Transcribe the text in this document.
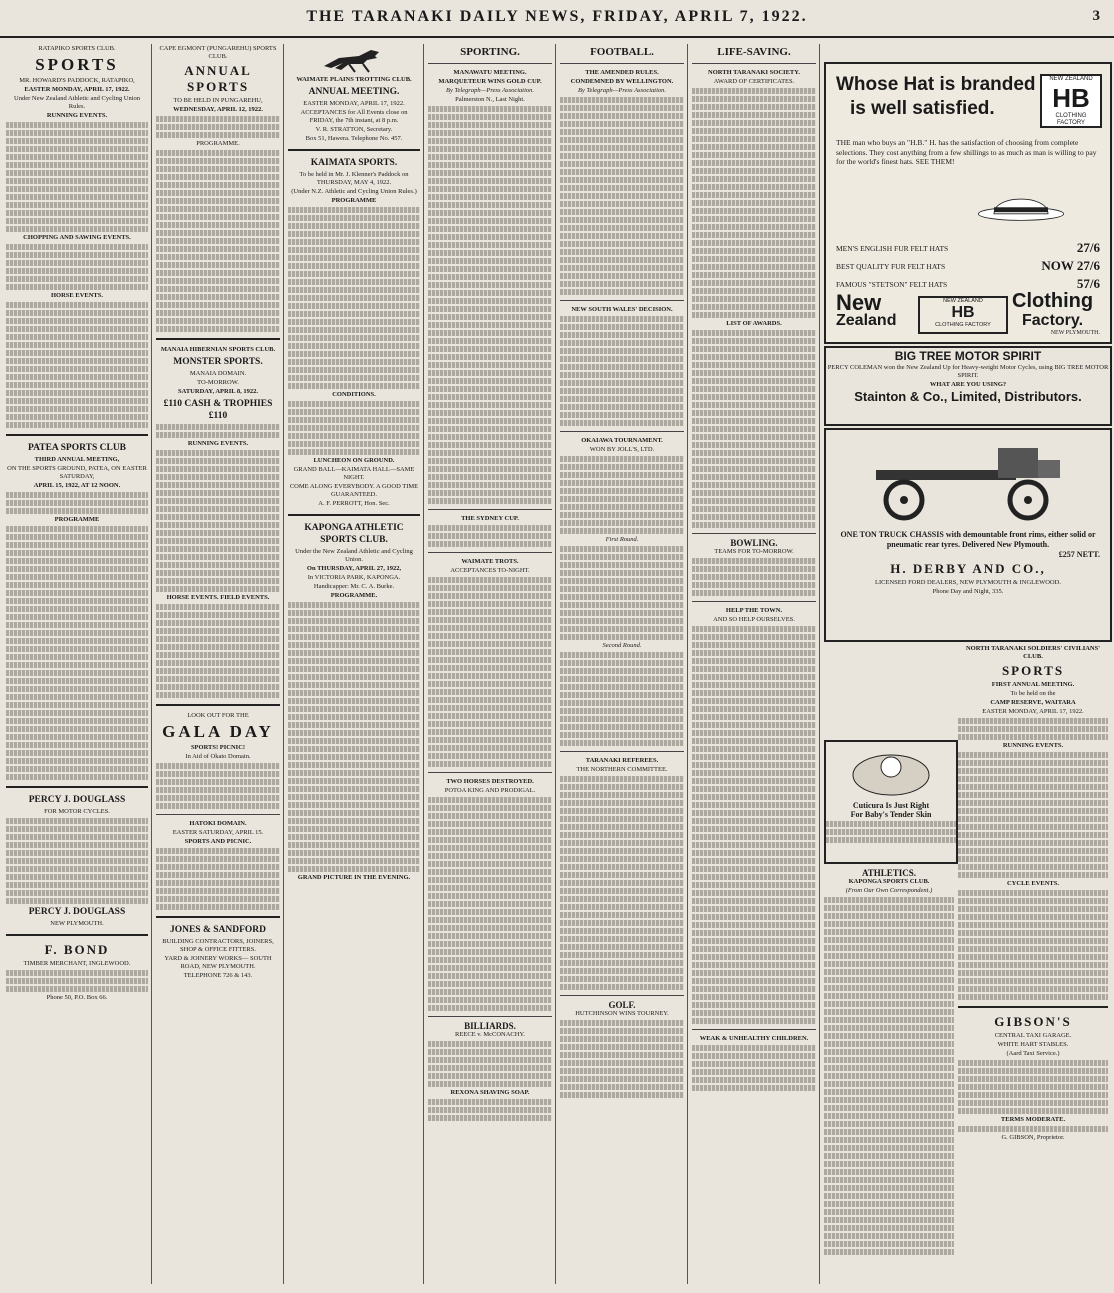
THE TARANAKI DAILY NEWS, FRIDAY, APRIL 7, 1922.	3
RATAPIKO SPORTS CLUB.
SPORTS
MR. HOWARD'S PADDOCK, RATAPIKO,
EASTER MONDAY, APRIL 17, 1922.
Under New Zealand Athletic and Cycling Union Rules.
RUNNING EVENTS.
CHOPPING AND SAWING EVENTS.
HORSE EVENTS.
PATEA SPORTS CLUB
THIRD ANNUAL MEETING,
ON THE SPORTS GROUND, PATEA, ON EASTER SATURDAY,
APRIL 15, 1922, AT 12 NOON.
PROGRAMME
PERCY J. DOUGLASS
FOR MOTOR CYCLES.
PERCY J. DOUGLASS
NEW PLYMOUTH.
F. BOND
TIMBER MERCHANT, INGLEWOOD.
Phone 50, P.O. Box 66.
CAPE EGMONT (PUNGAREHU) SPORTS CLUB.
ANNUAL SPORTS
TO BE HELD IN PUNGAREHU,
WEDNESDAY, APRIL 12, 1922.
PROGRAMME.
MANAIA HIBERNIAN SPORTS CLUB.
MONSTER SPORTS.
MANAIA DOMAIN.
TO-MORROW.
SATURDAY, APRIL 8, 1922.
£110 CASH & TROPHIES £110
RUNNING EVENTS.
HORSE EVENTS. FIELD EVENTS.
LOOK OUT FOR THE
GALA DAY
SPORTS! PICNIC!
In Aid of Okato Domain.
HATOKI DOMAIN.
EASTER SATURDAY, APRIL 15.
SPORTS AND PICNIC.
JONES & SANDFORD
BUILDING CONTRACTORS, JOINERS, SHOP & OFFICE FITTERS.
YARD & JOINERY WORKS— SOUTH ROAD, NEW PLYMOUTH.
TELEPHONE 726 & 143.
WAIMATE PLAINS TROTTING CLUB.
ANNUAL MEETING.
EASTER MONDAY, APRIL 17, 1922.
ACCEPTANCES for All Events close on FRIDAY, the 7th instant, at 8 p.m.
V. R. STRATTON, Secretary.
Box 51, Hawera. Telephone No. 457.
KAIMATA SPORTS.
To be held in Mr. J. Klenner's Paddock on THURSDAY, MAY 4, 1922.
(Under N.Z. Athletic and Cycling Union Rules.)
PROGRAMME
CONDITIONS.
LUNCHEON ON GROUND.
GRAND BALL—KAIMATA HALL—SAME NIGHT.
COME ALONG EVERYBODY. A GOOD TIME GUARANTEED.
A. F. PERROTT, Hon. Sec.
KAPONGA ATHLETIC SPORTS CLUB.
Under the New Zealand Athletic and Cycling Union.
On THURSDAY, APRIL 27, 1922,
In VICTORIA PARK, KAPONGA.
Handicapper: Mr. C. A. Burke.
PROGRAMME.
GRAND PICTURE IN THE EVENING.
SPORTING.
MANAWATU MEETING.
MARQUETEUR WINS GOLD CUP.
By Telegraph—Press Association.
Palmerston N., Last Night.
THE SYDNEY CUP.
WAIMATE TROTS.
ACCEPTANCES TO-NIGHT.
TWO HORSES DESTROYED.
POTOA KING AND PRODIGAL.
BILLIARDS.
REECE v. McCONACHY.
REXONA SHAVING SOAP.
FOOTBALL.
THE AMENDED RULES.
CONDEMNED BY WELLINGTON.
By Telegraph—Press Association.
NEW SOUTH WALES' DECISION.
OKAIAWA TOURNAMENT.
WON BY JOLL'S, LTD.
First Round.
Second Round.
TARANAKI REFEREES.
THE NORTHERN COMMITTEE.
GOLF.
HUTCHINSON WINS TOURNEY.
LIFE-SAVING.
NORTH TARANAKI SOCIETY.
AWARD OF CERTIFICATES.
LIST OF AWARDS.
BOWLING.
TEAMS FOR TO-MORROW.
HELP THE TOWN.
AND SO HELP OURSELVES.
WEAK & UNHEALTHY CHILDREN.
Whose Hat is branded
is well satisfied.
NEW ZEALAND
HB
CLOTHING FACTORY
THE man who buys an "H.B." H. has the satisfaction of choosing from complete selections. They cost anything from a few shillings to as much as man is willing to pay for the world's finest hats. SEE THEM!
MEN'S ENGLISH FUR FELT HATS	27/6
BEST QUALITY FUR FELT HATS	NOW 27/6
FAMOUS "STETSON" FELT HATS	57/6
New
Zealand
NEW ZEALAND
HB
CLOTHING FACTORY
Clothing
Factory.
NEW PLYMOUTH.
BIG TREE MOTOR SPIRIT
PERCY COLEMAN won the New Zealand Up for Heavy-weight Motor Cycles, using BIG TREE MOTOR SPIRIT.
WHAT ARE YOU USING?
Stainton & Co., Limited, Distributors.
ONE TON TRUCK CHASSIS with demountable front rims, either solid or pneumatic rear tyres. Delivered New Plymouth.
£257 NETT.
H. DERBY AND CO.,
LICENSED FORD DEALERS, NEW PLYMOUTH & INGLEWOOD.
Phone Day and Night, 335.
NORTH TARANAKI SOLDIERS' CIVILIANS' CLUB.
SPORTS
FIRST ANNUAL MEETING.
To be held on the
CAMP RESERVE, WAITARA
EASTER MONDAY, APRIL 17, 1922.
RUNNING EVENTS.
CYCLE EVENTS.
GIBSON'S
CENTRAL TAXI GARAGE.
WHITE HART STABLES.
(Aard Taxi Service.)
TERMS MODERATE.
G. GIBSON, Proprietor.
Cuticura Is Just Right
For Baby's Tender Skin
ATHLETICS.
KAPONGA SPORTS CLUB.
(From Our Own Correspondent.)
